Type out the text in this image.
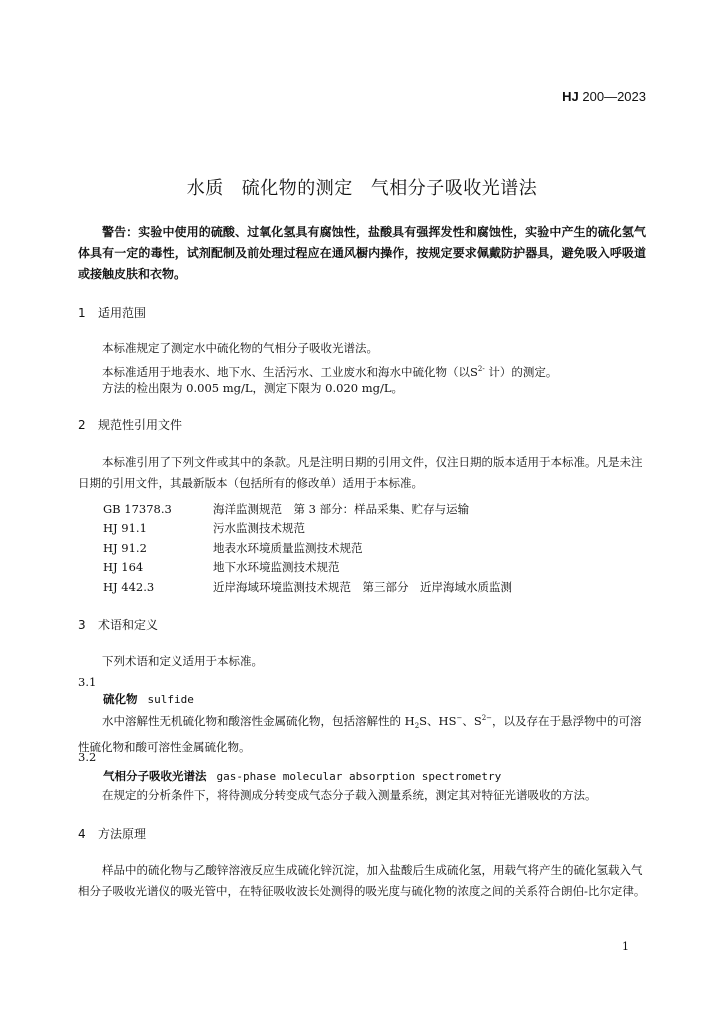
HJ 200—2023
水质 硫化物的测定 气相分子吸收光谱法
警告：实验中使用的硫酸、过氧化氢具有腐蚀性，盐酸具有强挥发性和腐蚀性，实验中产生的硫化氢气体具有一定的毒性，试剂配制及前处理过程应在通风橱内操作，按规定要求佩戴防护器具，避免吸入呼吸道或接触皮肤和衣物。
1 适用范围
本标准规定了测定水中硫化物的气相分子吸收光谱法。
本标准适用于地表水、地下水、生活污水、工业废水和海水中硫化物（以$S^{2-}$ 计）的测定。
方法的检出限为 0.005 mg/L，测定下限为 0.020 mg/L。
2 规范性引用文件
本标准引用了下列文件或其中的条款。凡是注明日期的引用文件，仅注日期的版本适用于本标准。凡是未注日期的引用文件，其最新版本（包括所有的修改单）适用于本标准。
GB 17378.3	海洋监测规范　第 3 部分：样品采集、贮存与运输
HJ 91.1	污水监测技术规范
HJ 91.2	地表水环境质量监测技术规范
HJ 164	地下水环境监测技术规范
HJ 442.3	近岸海域环境监测技术规范　第三部分　近岸海域水质监测
3 术语和定义
下列术语和定义适用于本标准。
3.1
硫化物 sulfide
水中溶解性无机硫化物和酸溶性金属硫化物，包括溶解性的 $H_2S$、HS−、$S^{2-}$，以及存在于悬浮物中的可溶性硫化物和酸可溶性金属硫化物。
3.2
气相分子吸收光谱法 gas-phase molecular absorption spectrometry
在规定的分析条件下，将待测成分转变成气态分子载入测量系统，测定其对特征光谱吸收的方法。
4 方法原理
样品中的硫化物与乙酸锌溶液反应生成硫化锌沉淀，加入盐酸后生成硫化氢，用载气将产生的硫化氢载入气相分子吸收光谱仪的吸光管中，在特征吸收波长处测得的吸光度与硫化物的浓度之间的关系符合朗伯-比尔定律。
1
